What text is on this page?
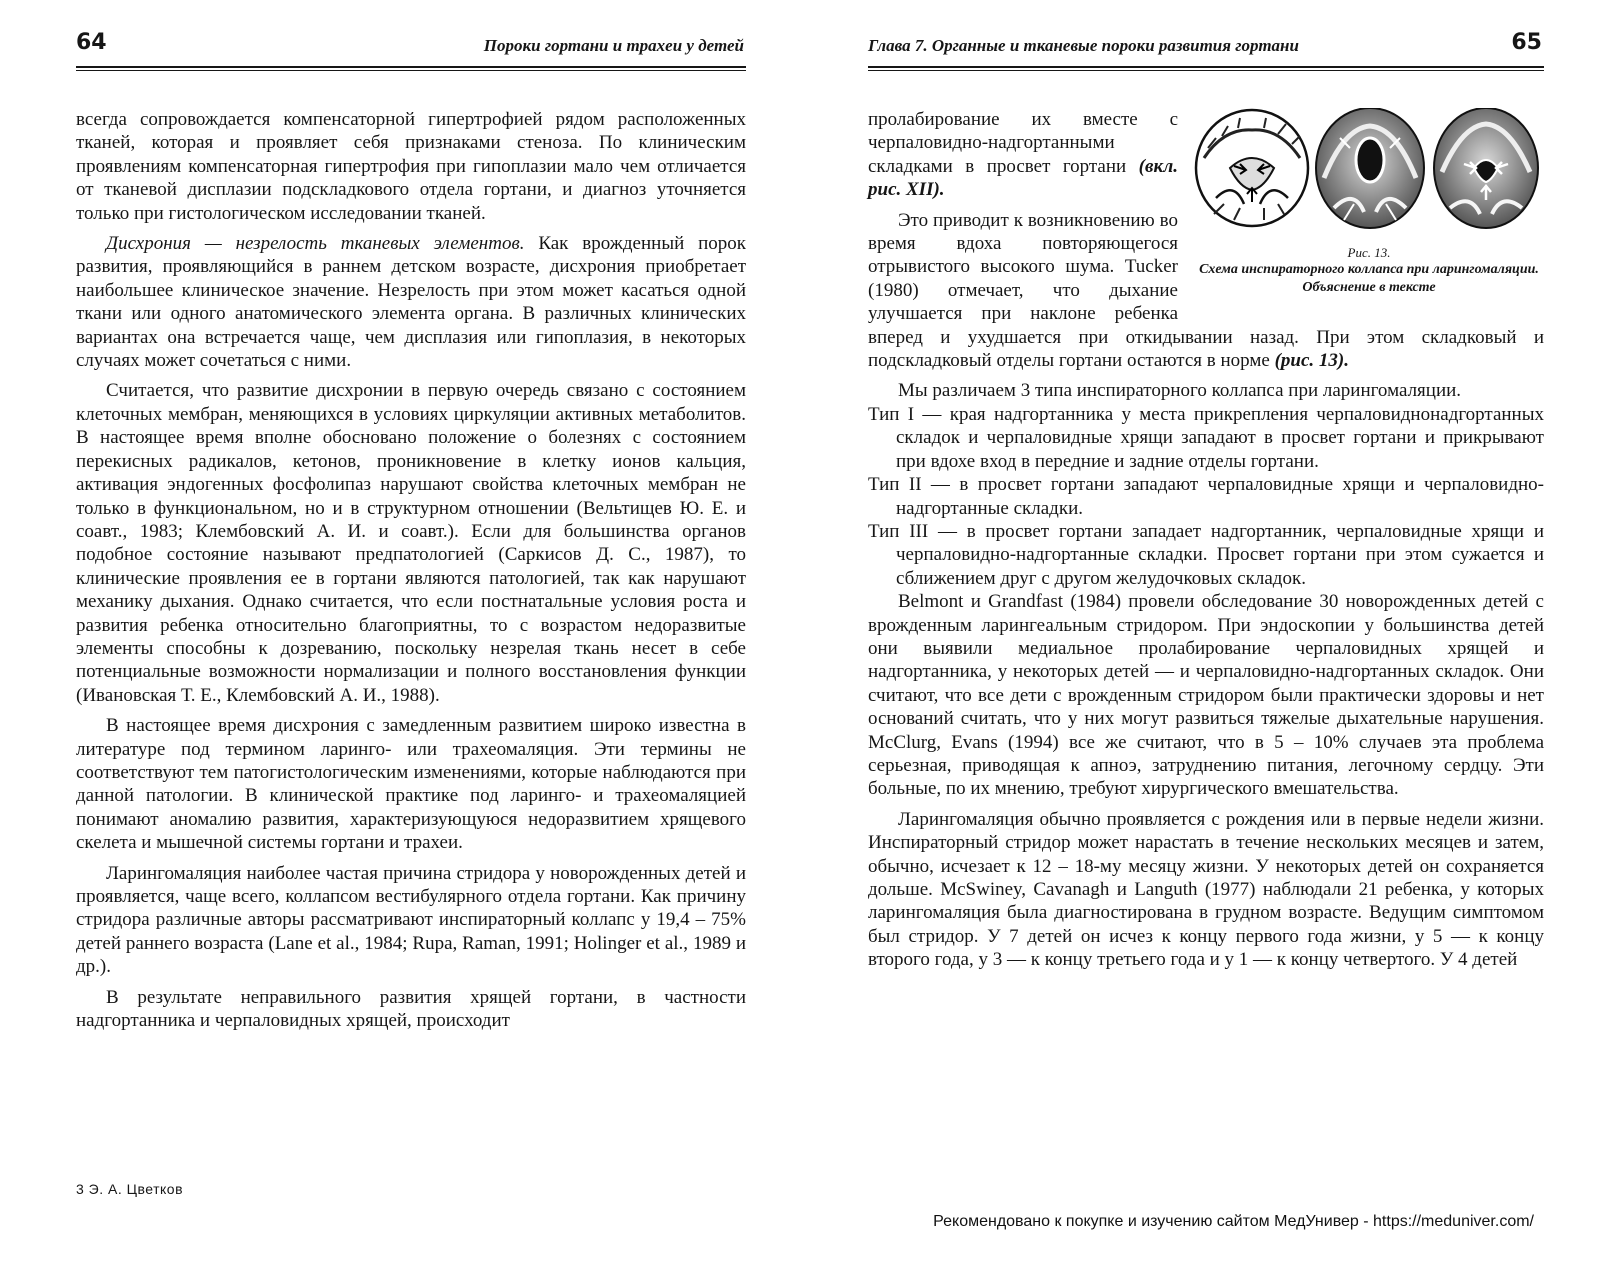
64	Пороки гортани и трахеи у детей

всегда сопровождается компенсаторной гипертрофией рядом расположенных тканей, которая и проявляет себя признаками стеноза. По клиническим проявлениям компенсаторная гипертрофия при гипоплазии мало чем отличается от тканевой дисплазии подскладкового отдела гортани, и диагноз уточняется только при гистологическом исследовании тканей.

Дисхрония — незрелость тканевых элементов. Как врожденный порок развития, проявляющийся в раннем детском возрасте, дисхрония приобретает наибольшее клиническое значение. Незрелость при этом может касаться одной ткани или одного анатомического элемента органа. В различных клинических вариантах она встречается чаще, чем дисплазия или гипоплазия, в некоторых случаях может сочетаться с ними.

Считается, что развитие дисхронии в первую очередь связано с состоянием клеточных мембран, меняющихся в условиях циркуляции активных метаболитов. В настоящее время вполне обосновано положение о болезнях с состоянием перекисных радикалов, кетонов, проникновение в клетку ионов кальция, активация эндогенных фосфолипаз нарушают свойства клеточных мембран не только в функциональном, но и в структурном отношении (Вельтищев Ю. Е. и соавт., 1983; Клембовский А. И. и соавт.). Если для большинства органов подобное состояние называют предпатологией (Саркисов Д. С., 1987), то клинические проявления ее в гортани являются патологией, так как нарушают механику дыхания. Однако считается, что если постнатальные условия роста и развития ребенка относительно благоприятны, то с возрастом недоразвитые элементы способны к дозреванию, поскольку незрелая ткань несет в себе потенциальные возможности нормализации и полного восстановления функции (Ивановская Т. Е., Клембовский А. И., 1988).

В настоящее время дисхрония с замедленным развитием широко известна в литературе под термином ларинго- или трахеомаляция. Эти термины не соответствуют тем патогистологическим изменениями, которые наблюдаются при данной патологии. В клинической практике под ларинго- и трахеомаляцией понимают аномалию развития, характеризующуюся недоразвитием хрящевого скелета и мышечной системы гортани и трахеи.

Ларингомаляция наиболее частая причина стридора у новорожденных детей и проявляется, чаще всего, коллапсом вестибулярного отдела гортани. Как причину стридора различные авторы рассматривают инспираторный коллапс у 19,4 – 75% детей раннего возраста (Lane et al., 1984; Rupa, Raman, 1991; Holinger et al., 1989 и др.).

В результате неправильного развития хрящей гортани, в частности надгортанника и черпаловидных хрящей, происходит

3 Э. А. Цветков
Глава 7. Органные и тканевые пороки развития гортани	65
Рис. 13.
Схема инспираторного коллапса при ларингомаляции. Объяснение в тексте

пролабирование их вместе с черпаловидно-надгортанными складками в просвет гортани (вкл. рис. XII).

Это приводит к возникновению во время вдоха повторяющегося отрывистого высокого шума. Tucker (1980) отмечает, что дыхание улучшается при наклоне ребенка вперед и ухудшается при откидывании назад. При этом складковый и подскладковый отделы гортани остаются в норме (рис. 13).

Мы различаем 3 типа инспираторного коллапса при ларингомаляции.

Тип I — края надгортанника у места прикрепления черпаловиднонадгортанных складок и черпаловидные хрящи западают в просвет гортани и прикрывают при вдохе вход в передние и задние отделы гортани.

Тип II — в просвет гортани западают черпаловидные хрящи и черпаловидно-надгортанные складки.

Тип III — в просвет гортани западает надгортанник, черпаловидные хрящи и черпаловидно-надгортанные складки. Просвет гортани при этом сужается и сближением друг с другом желудочковых складок.

Belmont и Grandfast (1984) провели обследование 30 новорожденных детей с врожденным ларингеальным стридором. При эндоскопии у большинства детей они выявили медиальное пролабирование черпаловидных хрящей и надгортанника, у некоторых детей — и черпаловидно-надгортанных складок. Они считают, что все дети с врожденным стридором были практически здоровы и нет оснований считать, что у них могут развиться тяжелые дыхательные нарушения. McClurg, Evans (1994) все же считают, что в 5 – 10% случаев эта проблема серьезная, приводящая к апноэ, затруднению питания, легочному сердцу. Эти больные, по их мнению, требуют хирургического вмешательства.

Ларингомаляция обычно проявляется с рождения или в первые недели жизни. Инспираторный стридор может нарастать в течение нескольких месяцев и затем, обычно, исчезает к 12 – 18-му месяцу жизни. У некоторых детей он сохраняется дольше. McSwiney, Cavanagh и Languth (1977) наблюдали 21 ребенка, у которых ларингомаляция была диагностирована в грудном возрасте. Ведущим симптомом был стридор. У 7 детей он исчез к концу первого года жизни, у 5 — к концу второго года, у 3 — к концу третьего года и у 1 — к концу четвертого. У 4 детей

Рекомендовано к покупке и изучению сайтом МедУнивер - https://meduniver.com/
